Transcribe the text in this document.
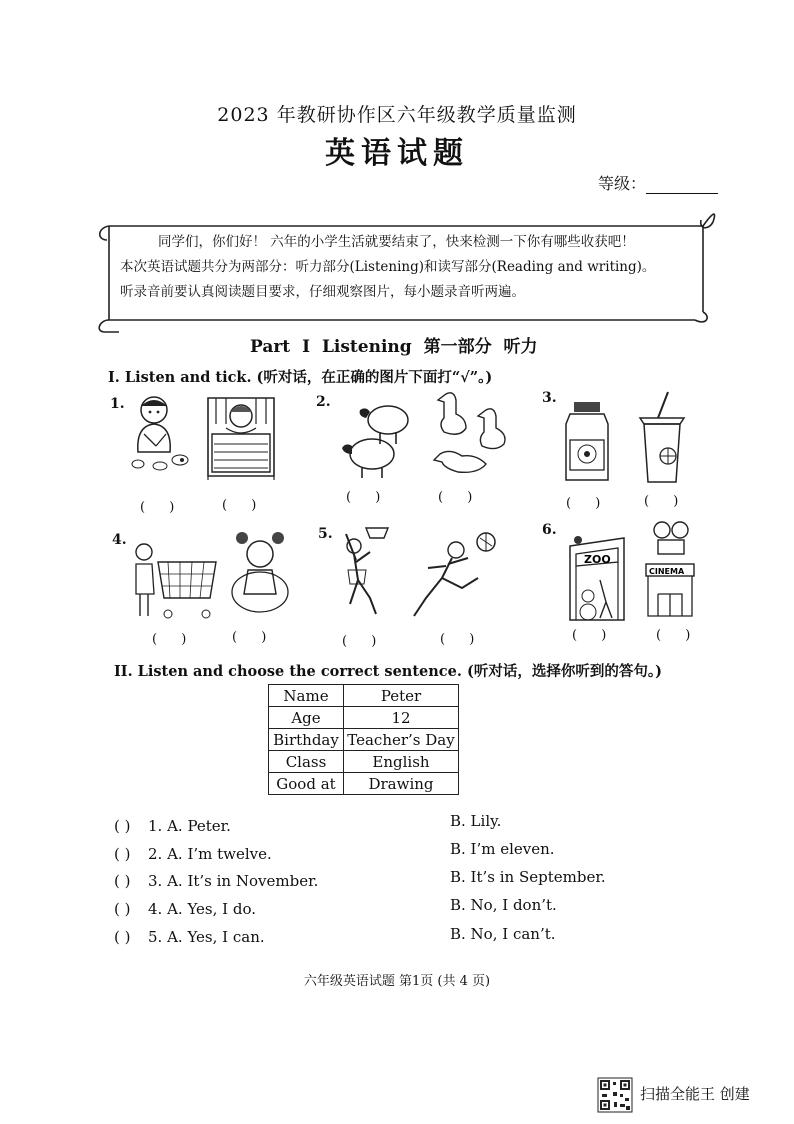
2023 年教研协作区六年级教学质量监测
英语试题
等级：

同学们，你们好！ 六年的小学生活就要结束了，快来检测一下你有哪些收获吧！

本次英语试题共分为两部分：听力部分(Listening)和读写部分(Reading and writing)。

听录音前要认真阅读题目要求，仔细观察图片，每小题录音听两遍。

Part I Listening 第一部分 听力
I. Listen and tick. (听对话，在正确的图片下面打“√”。)
1.
( )	( )
2.
( )	( )
3.
( )	( )
4.
( )	( )
5.
( )	( )
6.
ZOO
CINEMA
( )	( )
II. Listen and choose the correct sentence. (听对话，选择你听到的答句。)
Name	Peter
Age	12
Birthday	Teacher’s Day
Class	English
Good at	Drawing
( ) 1. A. Peter.	B. Lily.
( ) 2. A. I’m twelve.	B. I’m eleven.
( ) 3. A. It’s in November.	B. It’s in September.
( ) 4. A. Yes, I do.	B. No, I don’t.
( ) 5. A. Yes, I can.	B. No, I can’t.
六年级英语试题 第1页 (共 4 页)
扫描全能王 创建
